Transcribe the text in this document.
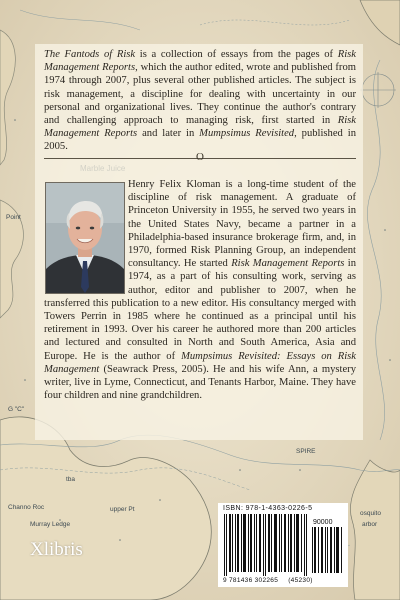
Point
G "C"
SPIRE
Channo Roc
Murray Ledge
upper Pt
osquito
arbor
tba
The Fantods of Risk is a collection of essays from the pages of Risk Management Reports, which the author edited, wrote and published from 1974 through 2007, plus several other published articles. The subject is risk management, a discipline for dealing with uncertainty in our personal and organizational lives. They continue the author's contrary and challenging approach to managing risk, first started in Risk Management Reports and later in Mumpsimus Revisited, published in 2005.
O
Henry Felix Kloman is a long-time student of the discipline of risk management. A graduate of Princeton University in 1955, he served two years in the United States Navy, became a partner in a Philadelphia-based insurance brokerage firm, and, in 1970, formed Risk Planning Group, an independent consultancy. He started Risk Management Reports in 1974, as a part of his consulting work, serving as author, editor and publisher to 2007, when he transferred this publication to a new editor. His consultancy merged with Towers Perrin in 1985 where he continued as a principal until his retirement in 1993. Over his career he authored more than 200 articles and lectured and consulted in North and South America, Asia and Europe. He is the author of Mumpsimus Revisited: Essays on Risk Management (Seawrack Press, 2005). He and his wife Ann, a mystery writer, live in Lyme, Connecticut, and Tenants Harbor, Maine. They have four children and nine grandchildren.
Xlibris
ISBN: 978-1-4363-0226-5
90000
9 781436 302265 (45230)
